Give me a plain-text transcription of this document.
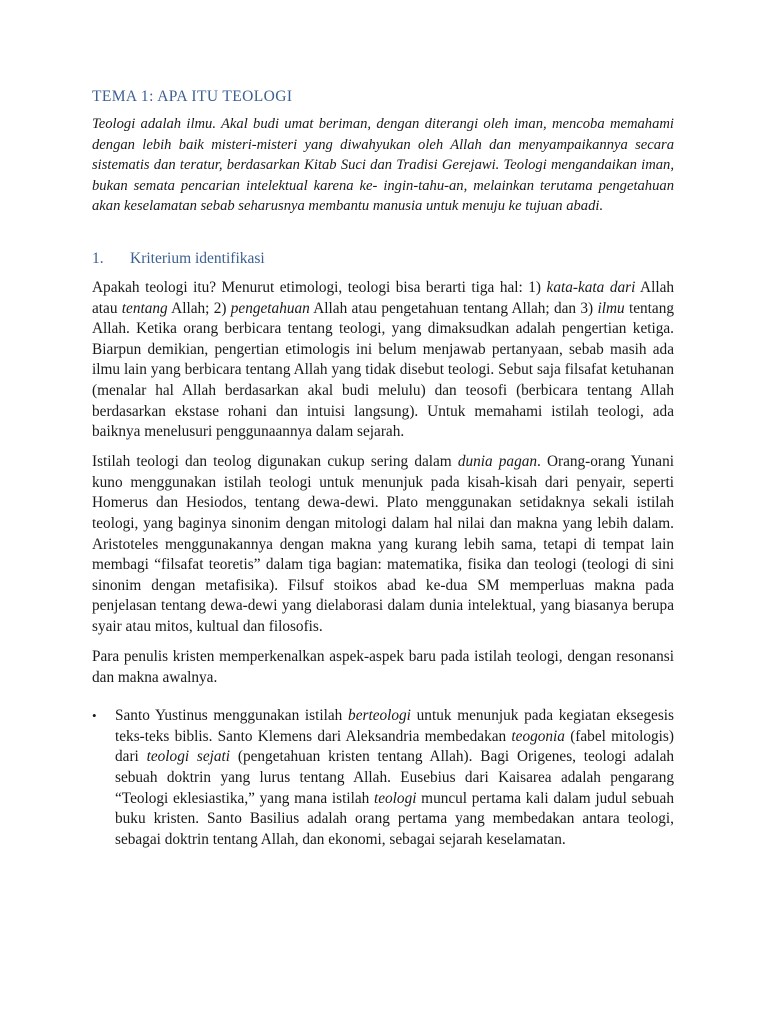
TEMA 1: APA ITU TEOLOGI

Teologi adalah ilmu. Akal budi umat beriman, dengan diterangi oleh iman, mencoba memahami dengan lebih baik misteri-misteri yang diwahyukan oleh Allah dan menyampaikannya secara sistematis dan teratur, berdasarkan Kitab Suci dan Tradisi Gerejawi. Teologi mengandaikan iman, bukan semata pencarian intelektual karena ke- ingin-tahu-an, melainkan terutama pengetahuan akan keselamatan sebab seharusnya membantu manusia untuk menuju ke tujuan abadi.

1.	Kriterium identifikasi

Apakah teologi itu? Menurut etimologi, teologi bisa berarti tiga hal: 1) kata-kata dari Allah atau tentang Allah; 2) pengetahuan Allah atau pengetahuan tentang Allah; dan 3) ilmu tentang Allah. Ketika orang berbicara tentang teologi, yang dimaksudkan adalah pengertian ketiga. Biarpun demikian, pengertian etimologis ini belum menjawab pertanyaan, sebab masih ada ilmu lain yang berbicara tentang Allah yang tidak disebut teologi. Sebut saja filsafat ketuhanan (menalar hal Allah berdasarkan akal budi melulu) dan teosofi (berbicara tentang Allah berdasarkan ekstase rohani dan intuisi langsung). Untuk memahami istilah teologi, ada baiknya menelusuri penggunaannya dalam sejarah.

Istilah teologi dan teolog digunakan cukup sering dalam dunia pagan. Orang-orang Yunani kuno menggunakan istilah teologi untuk menunjuk pada kisah-kisah dari penyair, seperti Homerus dan Hesiodos, tentang dewa-dewi. Plato menggunakan setidaknya sekali istilah teologi, yang baginya sinonim dengan mitologi dalam hal nilai dan makna yang lebih dalam. Aristoteles menggunakannya dengan makna yang kurang lebih sama, tetapi di tempat lain membagi “filsafat teoretis” dalam tiga bagian: matematika, fisika dan teologi (teologi di sini sinonim dengan metafisika). Filsuf stoikos abad ke-dua SM memperluas makna pada penjelasan tentang dewa-dewi yang dielaborasi dalam dunia intelektual, yang biasanya berupa syair atau mitos, kultual dan filosofis.

Para penulis kristen memperkenalkan aspek-aspek baru pada istilah teologi, dengan resonansi dan makna awalnya.

• Santo Yustinus menggunakan istilah berteologi untuk menunjuk pada kegiatan eksegesis teks-teks biblis. Santo Klemens dari Aleksandria membedakan teogonia (fabel mitologis) dari teologi sejati (pengetahuan kristen tentang Allah). Bagi Origenes, teologi adalah sebuah doktrin yang lurus tentang Allah. Eusebius dari Kaisarea adalah pengarang “Teologi eklesiastika,” yang mana istilah teologi muncul pertama kali dalam judul sebuah buku kristen. Santo Basilius adalah orang pertama yang membedakan antara teologi, sebagai doktrin tentang Allah, dan ekonomi, sebagai sejarah keselamatan.
